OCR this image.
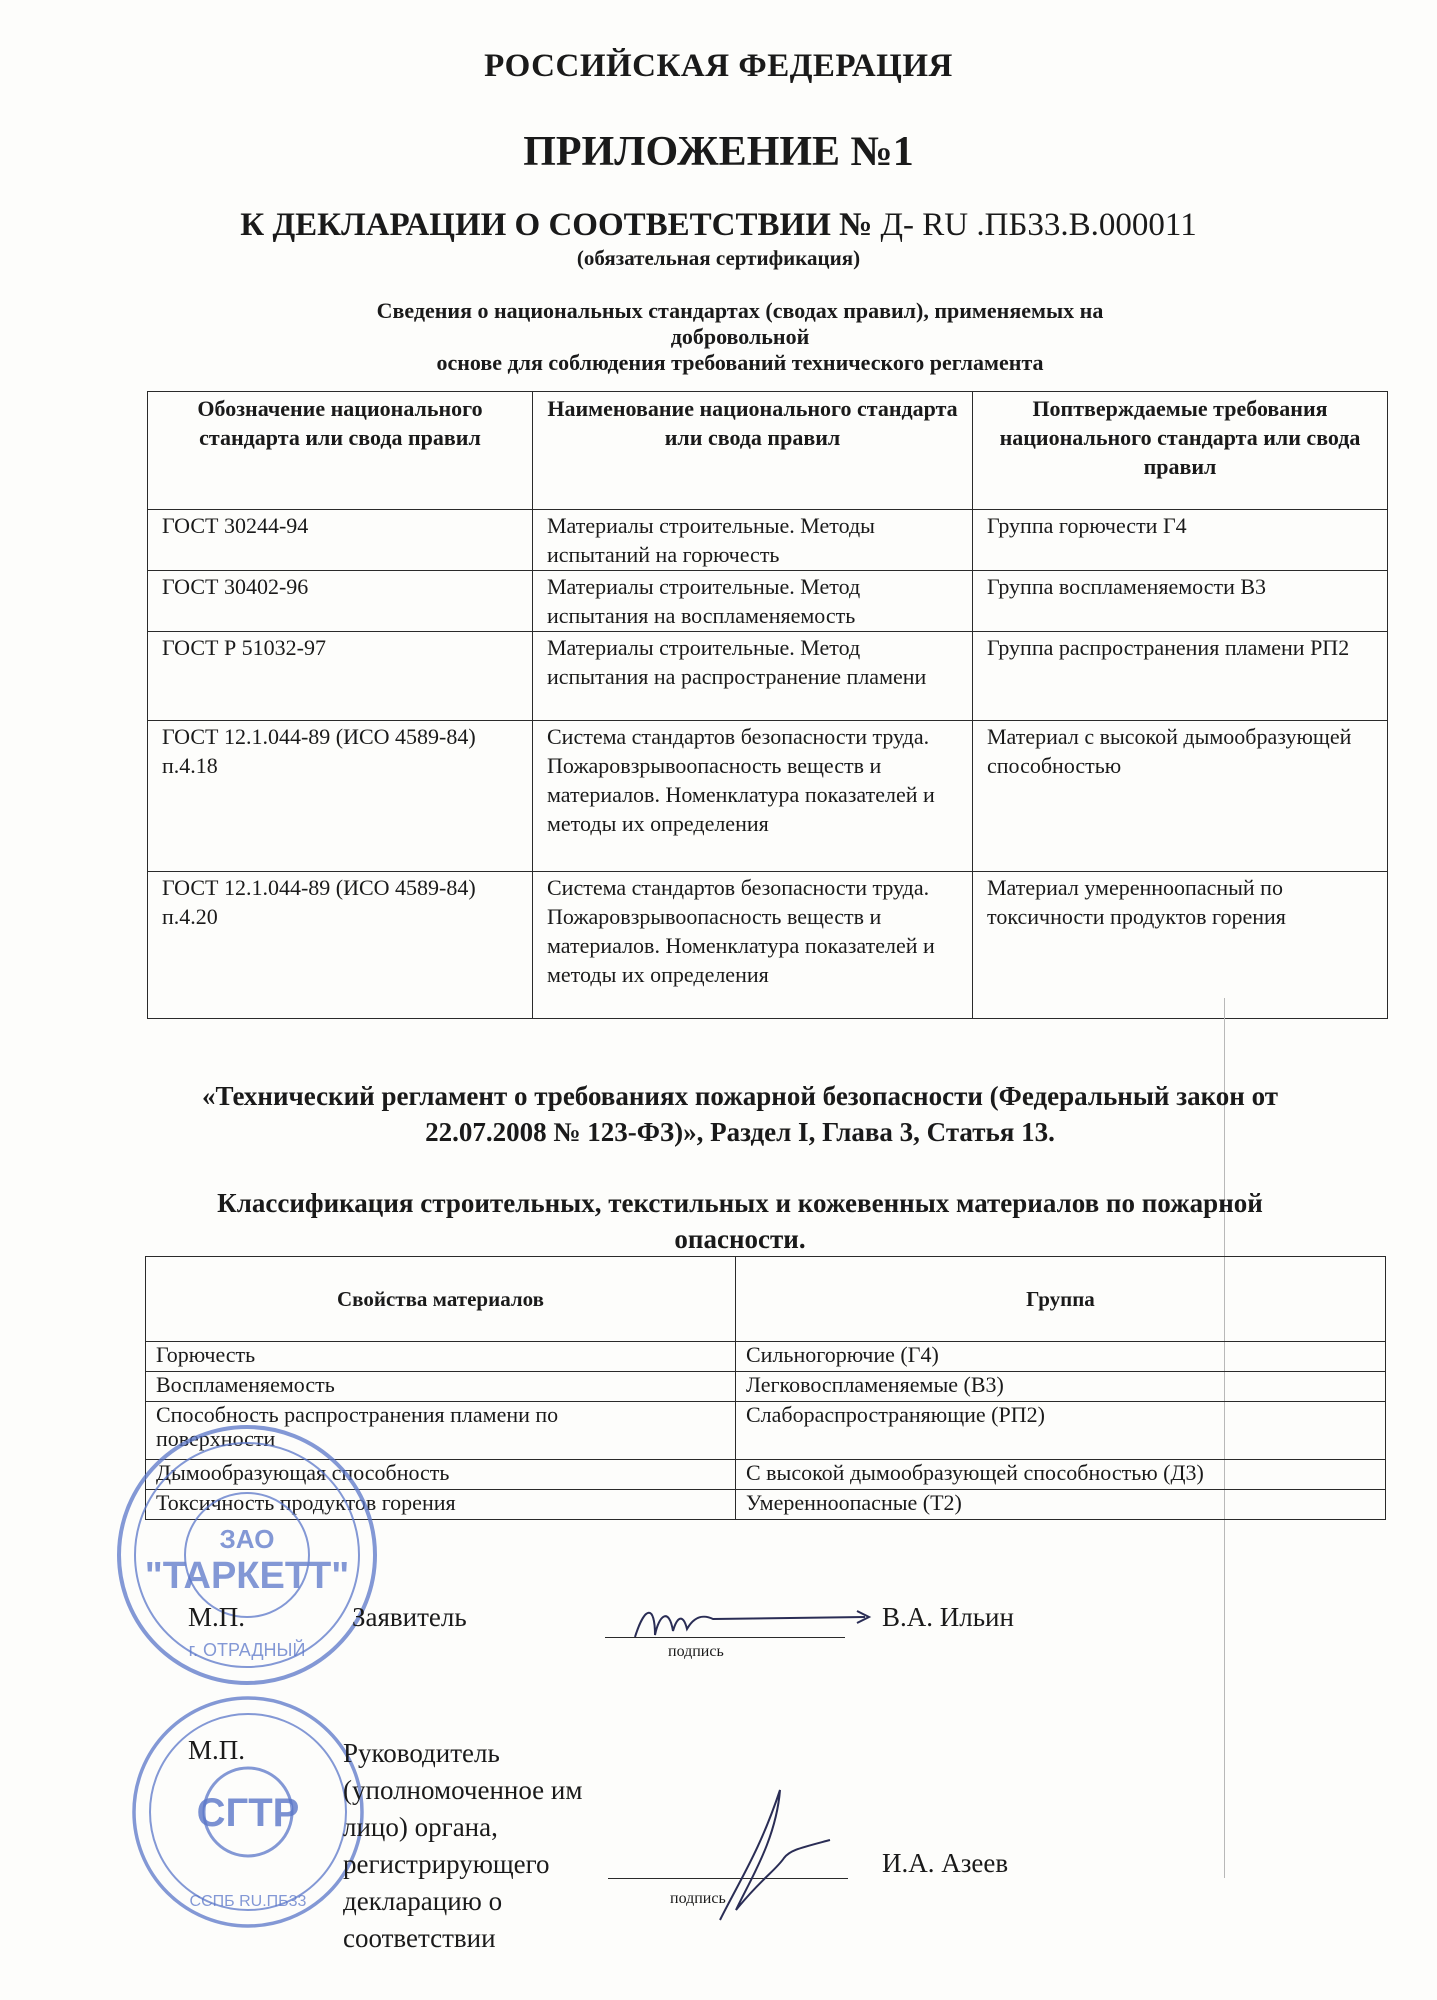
РОССИЙСКАЯ ФЕДЕРАЦИЯ
ПРИЛОЖЕНИЕ №1
К ДЕКЛАРАЦИИ О СООТВЕТСТВИИ № Д- RU .ПБ33.В.000011
(обязательная сертификация)
Сведения о национальных стандартах (сводах правил), применяемых на
добровольной
основе для соблюдения требований технического регламента
Обозначение национального стандарта или свода правил	Наименование национального стандарта или свода правил	Поптверждаемые требования национального стандарта или свода правил
ГОСТ 30244-94	Материалы строительные. Методы испытаний на горючесть	Группа горючести Г4
ГОСТ 30402-96	Материалы строительные. Метод испытания на воспламеняемость	Группа воспламеняемости В3
ГОСТ Р 51032-97	Материалы строительные. Метод испытания на распространение пламени	Группа распространения пламени РП2
ГОСТ 12.1.044-89 (ИСО 4589-84) п.4.18	Система стандартов безопасности труда. Пожаровзрывоопасность веществ и материалов. Номенклатура показателей и методы их определения	Материал с высокой дымообразующей способностью
ГОСТ 12.1.044-89 (ИСО 4589-84) п.4.20	Система стандартов безопасности труда. Пожаровзрывоопасность веществ и материалов. Номенклатура показателей и методы их определения	Материал умеренноопасный по токсичности продуктов горения
«Технический регламент о требованиях пожарной безопасности (Федеральный закон от
22.07.2008 № 123-ФЗ)», Раздел I, Глава 3, Статья 13.
Классификация строительных, текстильных и кожевенных материалов по пожарной
опасности.
Свойства материалов	Группа
Горючесть	Сильногорючие (Г4)
Воспламеняемость	Легковоспламеняемые (В3)
Способность распространения пламени по поверхности	Слабораспространяющие (РП2)
Дымообразующая способность	С высокой дымообразующей способностью (Д3)
Токсичность продуктов горения	Умеренноопасные (Т2)
ЗАО
"ТАРКЕТТ"
г. ОТРАДНЫЙ
СГТР
ССПБ RU.ПБ33
М.П.	Заявитель
подпись
В.А. Ильин
М.П.	Руководитель (уполномоченное им лицо) органа, регистрирующего декларацию о соответствии
подпись
И.А. Азеев
